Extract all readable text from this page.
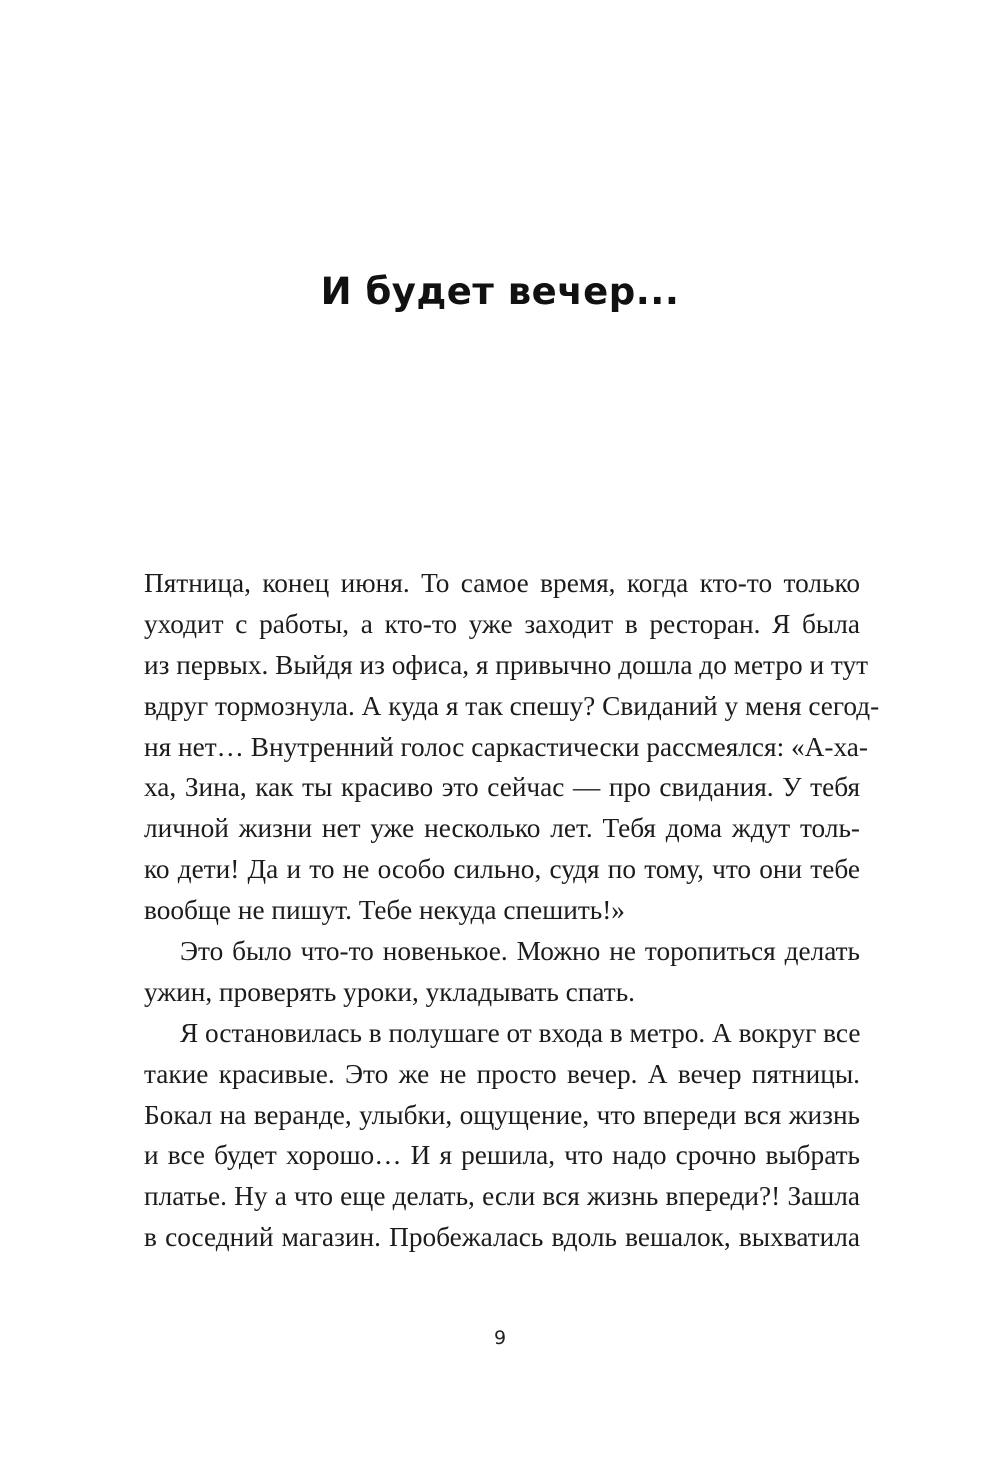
И будет вечер...
Пятница, конец июня. То самое время, когда кто-то только
уходит с работы, а кто-то уже заходит в ресторан. Я была
из первых. Выйдя из офиса, я привычно дошла до метро и тут
вдруг тормознула. А куда я так спешу? Свиданий у меня сегод-
ня нет… Внутренний голос саркастически рассмеялся: «А-ха-
ха, Зина, как ты красиво это сейчас — про свидания. У тебя
личной жизни нет уже несколько лет. Тебя дома ждут толь-
ко дети! Да и то не особо сильно, судя по тому, что они тебе
вообще не пишут. Тебе некуда спешить!»
Это было что-то новенькое. Можно не торопиться делать
ужин, проверять уроки, укладывать спать.
Я остановилась в полушаге от входа в метро. А вокруг все
такие красивые. Это же не просто вечер. А вечер пятницы.
Бокал на веранде, улыбки, ощущение, что впереди вся жизнь
и все будет хорошо… И я решила, что надо срочно выбрать
платье. Ну а что еще делать, если вся жизнь впереди?! Зашла
в соседний магазин. Пробежалась вдоль вешалок, выхватила
9
